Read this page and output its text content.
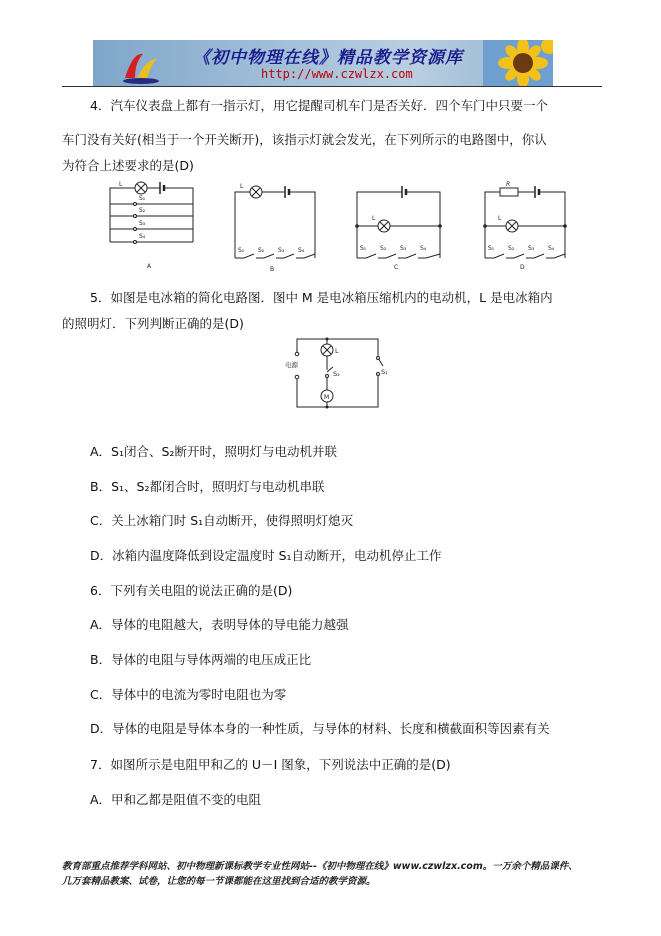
《初中物理在线》精品教学资源库
http://www.czwlzx.com
4．汽车仪表盘上都有一指示灯，用它提醒司机车门是否关好．四个车门中只要一个
车门没有关好(相当于一个开关断开)，该指示灯就会发光，在下列所示的电路图中，你认
为符合上述要求的是(D)
L
S₁
S₂
S₃
S₄
A
L
S₁ S₂ S₃ S₄
B
L
S₁ S₂ S₃ S₄
C
R
L
S₁ S₂ S₃ S₄
D
5．如图是电冰箱的简化电路图．图中 M 是电冰箱压缩机内的电动机，L 是电冰箱内
的照明灯．下列判断正确的是(D)
电源
L
M
S₂	S₁
A．S₁闭合、S₂断开时，照明灯与电动机并联
B．S₁、S₂都闭合时，照明灯与电动机串联
C．关上冰箱门时 S₁自动断开，使得照明灯熄灭
D．冰箱内温度降低到设定温度时 S₁自动断开，电动机停止工作
6．下列有关电阻的说法正确的是(D)
A．导体的电阻越大，表明导体的导电能力越强
B．导体的电阻与导体两端的电压成正比
C．导体中的电流为零时电阻也为零
D．导体的电阻是导体本身的一种性质，与导体的材料、长度和横截面积等因素有关
7．如图所示是电阻甲和乙的 U－I 图象，下列说法中正确的是(D)
A．甲和乙都是阻值不变的电阻
教育部重点推荐学科网站、初中物理新课标教学专业性网站--《初中物理在线》www.czwlzx.com。一万余个精品课件、
几万套精品教案、试卷，让您的每一节课都能在这里找到合适的教学资源。
